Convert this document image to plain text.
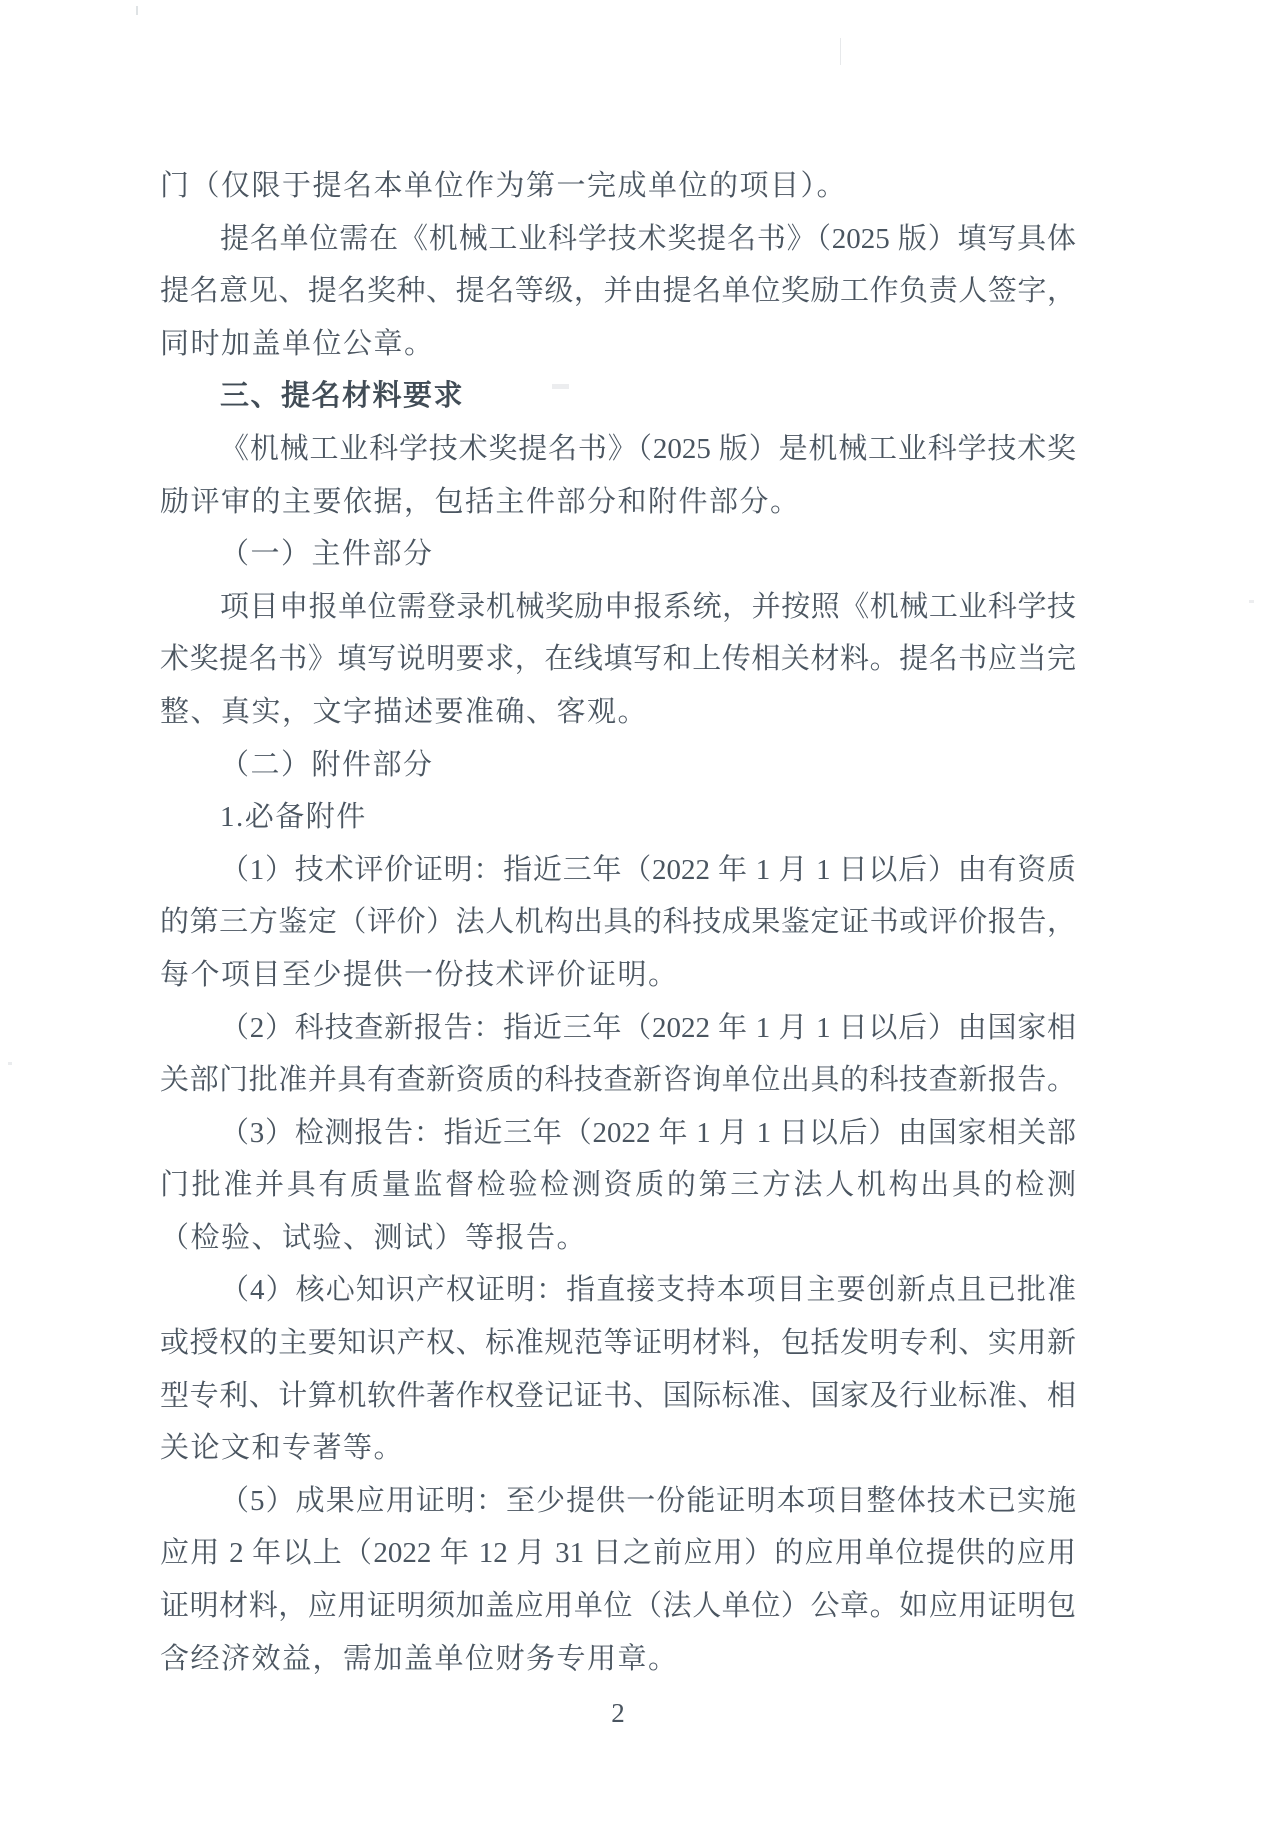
门（仅限于提名本单位作为第一完成单位的项目）。
提名单位需在《机械工业科学技术奖提名书》（2025 版）填写具体
提名意见、提名奖种、提名等级，并由提名单位奖励工作负责人签字，
同时加盖单位公章。
三、提名材料要求
《机械工业科学技术奖提名书》（2025 版）是机械工业科学技术奖
励评审的主要依据，包括主件部分和附件部分。
（一）主件部分
项目申报单位需登录机械奖励申报系统，并按照《机械工业科学技
术奖提名书》填写说明要求，在线填写和上传相关材料。提名书应当完
整、真实，文字描述要准确、客观。
（二）附件部分
1.必备附件
（1）技术评价证明：指近三年（2022 年 1 月 1 日以后）由有资质
的第三方鉴定（评价）法人机构出具的科技成果鉴定证书或评价报告，
每个项目至少提供一份技术评价证明。
（2）科技查新报告：指近三年（2022 年 1 月 1 日以后）由国家相
关部门批准并具有查新资质的科技查新咨询单位出具的科技查新报告。
（3）检测报告：指近三年（2022 年 1 月 1 日以后）由国家相关部
门批准并具有质量监督检验检测资质的第三方法人机构出具的检测
（检验、试验、测试）等报告。
（4）核心知识产权证明：指直接支持本项目主要创新点且已批准
或授权的主要知识产权、标准规范等证明材料，包括发明专利、实用新
型专利、计算机软件著作权登记证书、国际标准、国家及行业标准、相
关论文和专著等。
（5）成果应用证明：至少提供一份能证明本项目整体技术已实施
应用 2 年以上（2022 年 12 月 31 日之前应用）的应用单位提供的应用
证明材料，应用证明须加盖应用单位（法人单位）公章。如应用证明包
含经济效益，需加盖单位财务专用章。
2
